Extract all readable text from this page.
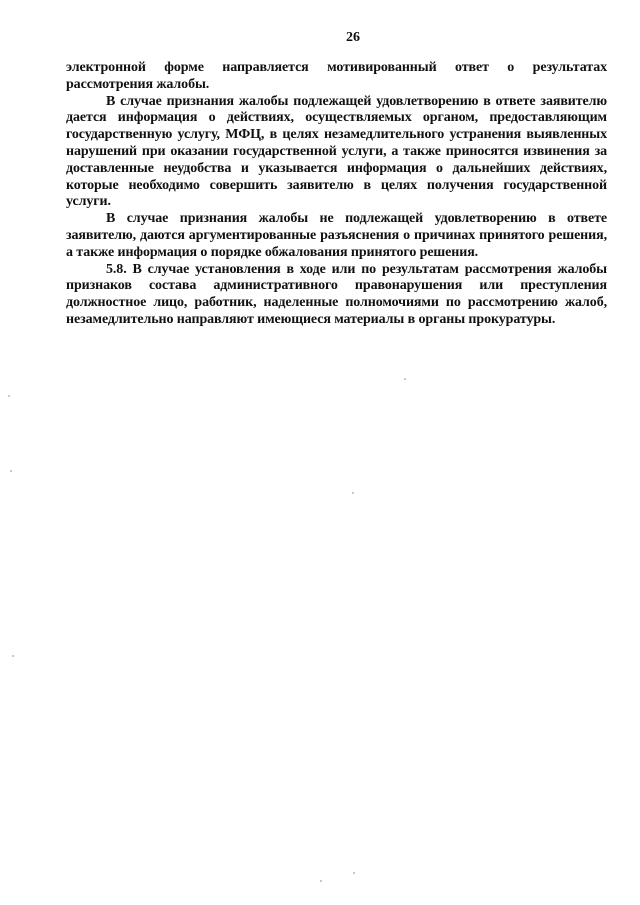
26

электронной форме направляется мотивированный ответ о результатах рассмотрения жалобы.

В случае признания жалобы подлежащей удовлетворению в ответе заявителю дается информация о действиях, осуществляемых органом, предоставляющим государственную услугу, МФЦ, в целях незамедлительного устранения выявленных нарушений при оказании государственной услуги, а также приносятся извинения за доставленные неудобства и указывается информация о дальнейших действиях, которые необходимо совершить заявителю в целях получения государственной услуги.

В случае признания жалобы не подлежащей удовлетворению в ответе заявителю, даются аргументированные разъяснения о причинах принятого решения, а также информация о порядке обжалования принятого решения.

5.8. В случае установления в ходе или по результатам рассмотрения жалобы признаков состава административного правонарушения или преступления должностное лицо, работник, наделенные полномочиями по рассмотрению жалоб, незамедлительно направляют имеющиеся материалы в органы прокуратуры.
